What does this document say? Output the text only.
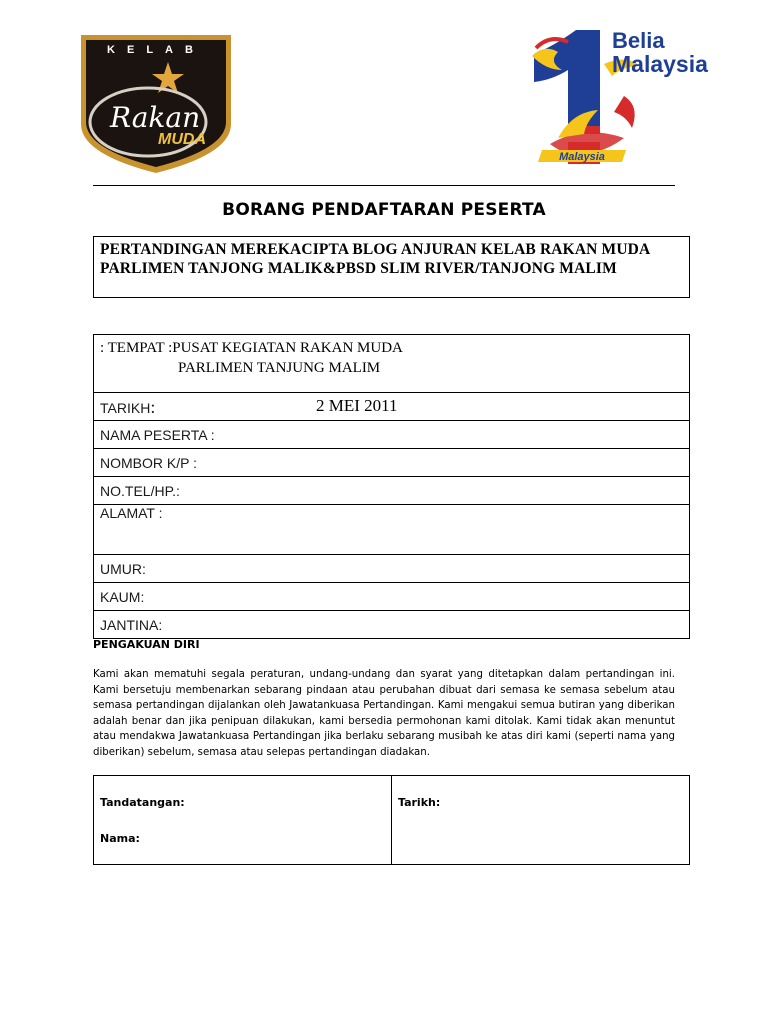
KELAB
Rakan
MUDA
Malaysia
Belia
Malaysia
BORANG PENDAFTARAN PESERTA
PERTANDINGAN MEREKACIPTA BLOG ANJURAN KELAB RAKAN MUDA PARLIMEN TANJONG MALIK&PBSD SLIM RIVER/TANJONG MALIM
: TEMPAT :PUSAT KEGIATAN RAKAN MUDA
PARLIMEN TANJUNG MALIM
TARIKH:	2 MEI 2011
NAMA PESERTA :
NOMBOR K/P :
NO.TEL/HP.:
ALAMAT :
UMUR:
KAUM:
JANTINA:
PENGAKUAN DIRI
Kami akan mematuhi segala peraturan, undang-undang dan syarat yang ditetapkan dalam pertandingan ini. Kami bersetuju membenarkan sebarang pindaan atau perubahan dibuat dari semasa ke semasa sebelum atau semasa pertandingan dijalankan oleh Jawatankuasa Pertandingan. Kami mengakui semua butiran yang diberikan adalah benar dan jika penipuan dilakukan, kami bersedia permohonan kami ditolak. Kami tidak akan menuntut atau mendakwa Jawatankuasa Pertandingan jika berlaku sebarang musibah ke atas diri kami (seperti nama yang diberikan) sebelum, semasa atau selepas pertandingan diadakan.
Tandatangan:
Nama:
Tarikh:
